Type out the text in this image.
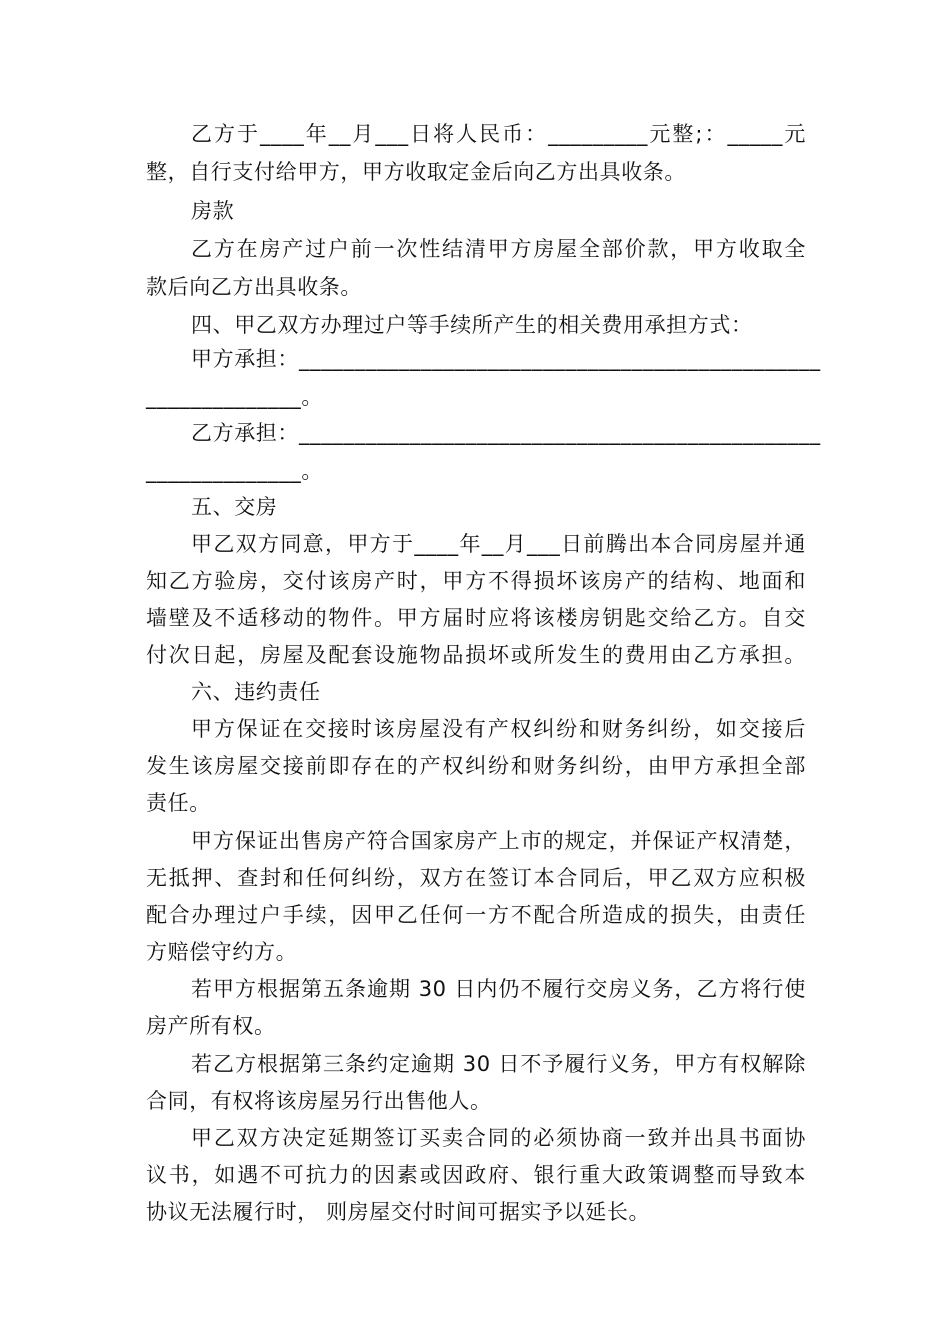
乙方于____年__月___日将人民币：_________元整;：_____元
整，自行支付给甲方，甲方收取定金后向乙方出具收条。
房款
乙方在房产过户前一次性结清甲方房屋全部价款，甲方收取全
款后向乙方出具收条。
四、甲乙双方办理过户等手续所产生的相关费用承担方式：
甲方承担：_______________________________________________
______________。
乙方承担：_______________________________________________
______________。
五、交房
甲乙双方同意，甲方于____年__月___日前腾出本合同房屋并通
知乙方验房，交付该房产时，甲方不得损坏该房产的结构、地面和
墙壁及不适移动的物件。甲方届时应将该楼房钥匙交给乙方。自交
付次日起，房屋及配套设施物品损坏或所发生的费用由乙方承担。
六、违约责任
甲方保证在交接时该房屋没有产权纠纷和财务纠纷，如交接后
发生该房屋交接前即存在的产权纠纷和财务纠纷，由甲方承担全部
责任。
甲方保证出售房产符合国家房产上市的规定，并保证产权清楚，
无抵押、查封和任何纠纷，双方在签订本合同后，甲乙双方应积极
配合办理过户手续，因甲乙任何一方不配合所造成的损失，由责任
方赔偿守约方。
若甲方根据第五条逾期 30 日内仍不履行交房义务，乙方将行使
房产所有权。
若乙方根据第三条约定逾期 30 日不予履行义务，甲方有权解除
合同，有权将该房屋另行出售他人。
甲乙双方决定延期签订买卖合同的必须协商一致并出具书面协
议书，如遇不可抗力的因素或因政府、银行重大政策调整而导致本
协议无法履行时， 则房屋交付时间可据实予以延长。
